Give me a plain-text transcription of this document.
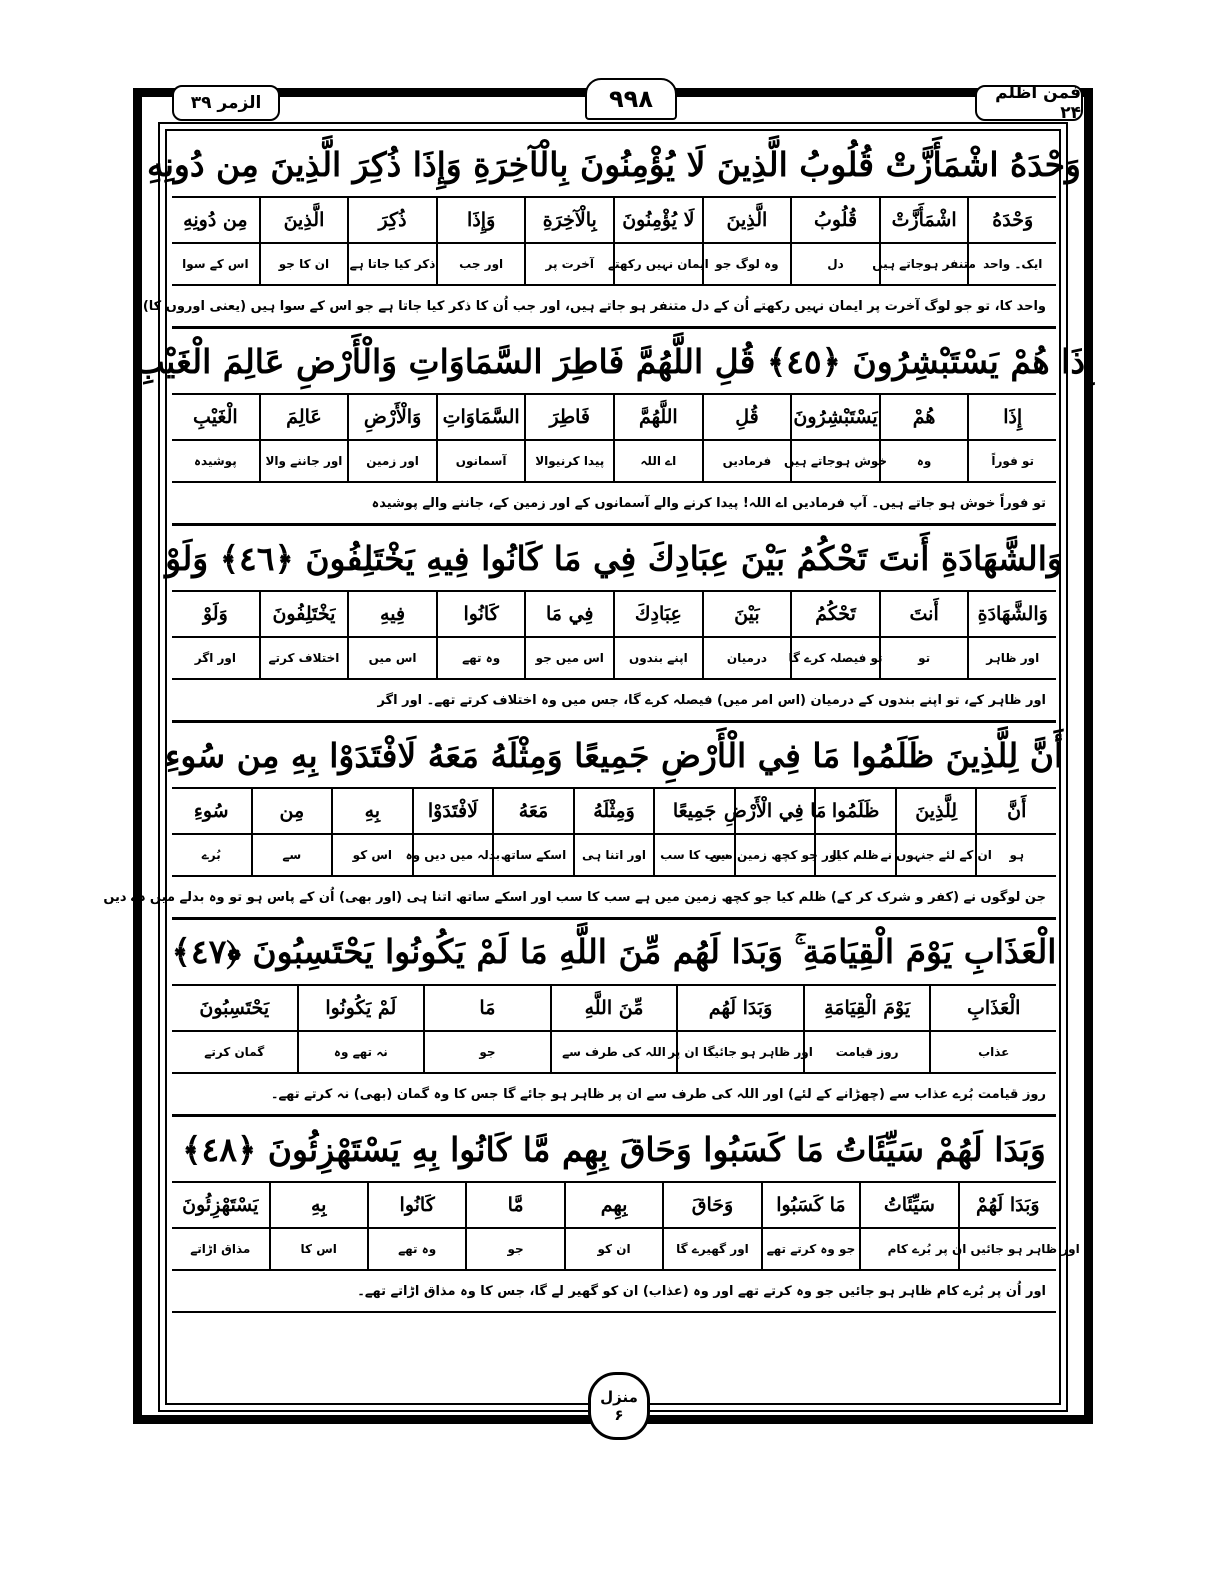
فمن اظلم ۲۴
۹۹۸
الزمر ۳۹
وَحْدَهُ اشْمَأَزَّتْ قُلُوبُ الَّذِينَ لَا يُؤْمِنُونَ بِالْآخِرَةِ وَإِذَا ذُكِرَ الَّذِينَ مِن دُونِهِ
وَحْدَهُ
ایک۔ واحد
اشْمَأَزَّتْ
متنفر ہوجاتے ہیں
قُلُوبُ
دل
الَّذِينَ
وہ لوگ جو
لَا يُؤْمِنُونَ
ایمان نہیں رکھتے
بِالْآخِرَةِ
آخرت پر
وَإِذَا
اور جب
ذُكِرَ
ذکر کیا جاتا ہے
الَّذِينَ
ان کا جو
مِن دُونِهِ
اس کے سوا
واحد کا، تو جو لوگ آخرت پر ایمان نہیں رکھتے اُن کے دل متنفر ہو جاتے ہیں، اور جب اُن کا ذکر کیا جاتا ہے جو اس کے سوا ہیں (یعنی اوروں کا)
إِذَا هُمْ يَسْتَبْشِرُونَ ﴿٤٥﴾ قُلِ اللَّهُمَّ فَاطِرَ السَّمَاوَاتِ وَالْأَرْضِ عَالِمَ الْغَيْبِ
إِذَا
تو فوراً
هُمْ
وہ
يَسْتَبْشِرُونَ
خوش ہوجاتے ہیں
قُلِ
فرمادیں
اللَّهُمَّ
اے اللہ
فَاطِرَ
پیدا کرنیوالا
السَّمَاوَاتِ
آسمانوں
وَالْأَرْضِ
اور زمین
عَالِمَ
اور جاننے والا
الْغَيْبِ
پوشیدہ
تو فوراً خوش ہو جاتے ہیں۔ آپ فرمادیں اے اللہ! پیدا کرنے والے آسمانوں کے اور زمین کے، جاننے والے پوشیدہ
وَالشَّهَادَةِ أَنتَ تَحْكُمُ بَيْنَ عِبَادِكَ فِي مَا كَانُوا فِيهِ يَخْتَلِفُونَ ﴿٤٦﴾ وَلَوْ
وَالشَّهَادَةِ
اور ظاہر
أَنتَ
تو
تَحْكُمُ
تو فیصلہ کرے گا
بَيْنَ
درمیان
عِبَادِكَ
اپنے بندوں
فِي مَا
اس میں جو
كَانُوا
وہ تھے
فِيهِ
اس میں
يَخْتَلِفُونَ
اختلاف کرتے
وَلَوْ
اور اگر
اور ظاہر کے، تو اپنے بندوں کے درمیان (اس امر میں) فیصلہ کرے گا، جس میں وہ اختلاف کرتے تھے۔ اور اگر
أَنَّ لِلَّذِينَ ظَلَمُوا مَا فِي الْأَرْضِ جَمِيعًا وَمِثْلَهُ مَعَهُ لَافْتَدَوْا بِهِ مِن سُوءِ
أَنَّ
ہو
لِلَّذِينَ
ان کے لئے جنہوں نے
ظَلَمُوا
ظلم کیا
مَا فِي الْأَرْضِ
اور جو کچھ زمین میں
جَمِيعًا
سب کا سب
وَمِثْلَهُ
اور اتنا ہی
مَعَهُ
اسکے ساتھ
لَافْتَدَوْا
بدلہ میں دیں وہ
بِهِ
اس کو
مِن
سے
سُوءِ
بُرے
جن لوگوں نے (کفر و شرک کر کے) ظلم کیا جو کچھ زمین میں ہے سب کا سب اور اسکے ساتھ اتنا ہی (اور بھی) اُن کے پاس ہو تو وہ بدلے میں دے دیں
الْعَذَابِ يَوْمَ الْقِيَامَةِ ۚ وَبَدَا لَهُم مِّنَ اللَّهِ مَا لَمْ يَكُونُوا يَحْتَسِبُونَ ﴿٤٧﴾
الْعَذَابِ
عذاب
يَوْمَ الْقِيَامَةِ
روز قیامت
وَبَدَا لَهُم
اور ظاہر ہو جائیگا ان پر
مِّنَ اللَّهِ
اللہ کی طرف سے
مَا
جو
لَمْ يَكُونُوا
نہ تھے وہ
يَحْتَسِبُونَ
گمان کرتے
روز قیامت بُرے عذاب سے (چھڑانے کے لئے) اور اللہ کی طرف سے ان پر ظاہر ہو جائے گا جس کا وہ گمان (بھی) نہ کرتے تھے۔
وَبَدَا لَهُمْ سَيِّئَاتُ مَا كَسَبُوا وَحَاقَ بِهِم مَّا كَانُوا بِهِ يَسْتَهْزِئُونَ ﴿٤٨﴾
وَبَدَا لَهُمْ
اور ظاہر ہو جائیں ان پر
سَيِّئَاتُ
بُرے کام
مَا كَسَبُوا
جو وہ کرتے تھے
وَحَاقَ
اور گھیرے گا
بِهِم
ان کو
مَّا
جو
كَانُوا
وہ تھے
بِهِ
اس کا
يَسْتَهْزِئُونَ
مذاق اڑاتے
اور اُن پر بُرے کام ظاہر ہو جائیں جو وہ کرتے تھے اور وہ (عذاب) ان کو گھیر لے گا، جس کا وہ مذاق اڑاتے تھے۔
منزل
۶
